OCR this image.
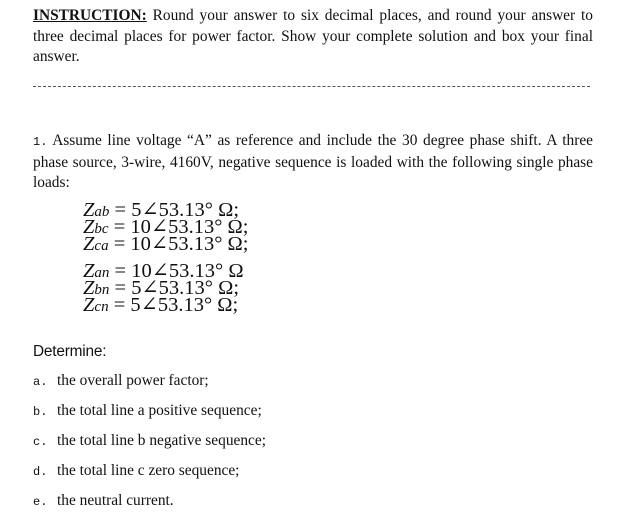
INSTRUCTION: Round your answer to six decimal places, and round your answer to three decimal places for power factor. Show your complete solution and box your final answer.
1. Assume line voltage “A” as reference and include the 30 degree phase shift. A three phase source, 3-wire, 4160V, negative sequence is loaded with the following single phase loads:
Zab = 5∠53.13° Ω;
Zbc = 10∠53.13° Ω;
Zca = 10∠53.13° Ω;
Zan = 10∠53.13° Ω
Zbn = 5∠53.13° Ω;
Zcn = 5∠53.13° Ω;
Determine:
a. the overall power factor;
b. the total line a positive sequence;
c. the total line b negative sequence;
d. the total line c zero sequence;
e. the neutral current.
